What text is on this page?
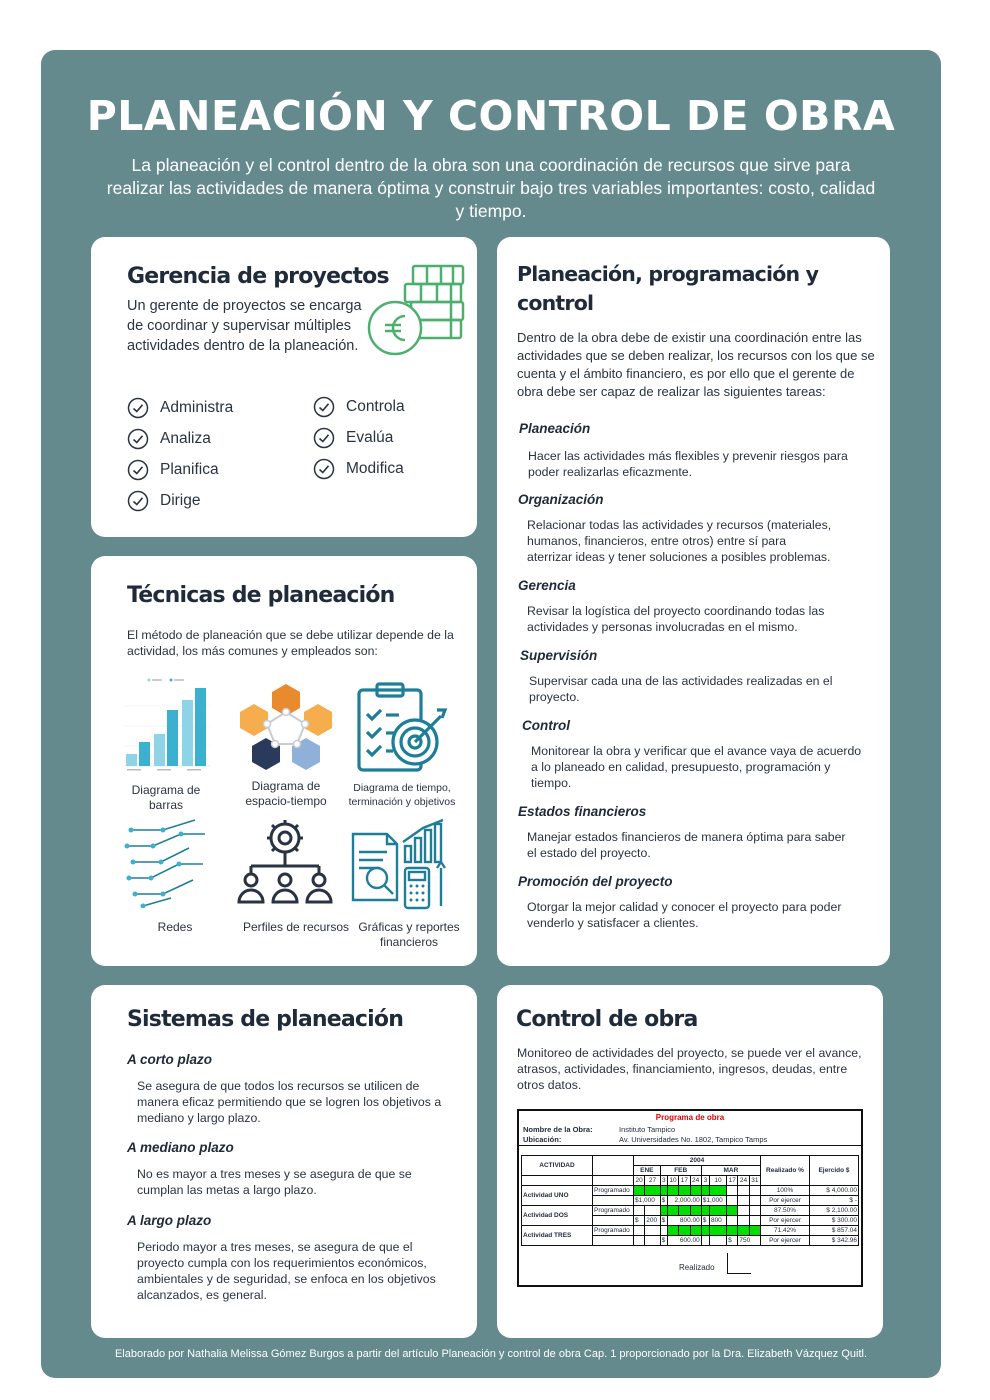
PLANEACIÓN Y CONTROL DE OBRA
La planeación y el control dentro de la obra son una coordinación de recursos que sirve para realizar las actividades de manera óptima y construir bajo tres variables importantes: costo, calidad y tiempo.
Gerencia de proyectos
Un gerente de proyectos se encarga de coordinar y supervisar múltiples actividades dentro de la planeación.
Administra
Analiza
Planifica
Dirige
Controla
Evalúa
Modifica
Planeación, programación y
control
Dentro de la obra debe de existir una coordinación entre las actividades que se deben realizar, los recursos con los que se cuenta y el ámbito financiero, es por ello que el gerente de obra debe ser capaz de realizar las siguientes tareas:
Planeación
Hacer las actividades más flexibles y prevenir riesgos para poder realizarlas eficazmente.
Organización
Relacionar todas las actividades y recursos (materiales, humanos, financieros, entre otros) entre sí para aterrizar ideas y tener soluciones a posibles problemas.
Gerencia
Revisar la logística del proyecto coordinando todas las actividades y personas involucradas en el mismo.
Supervisión
Supervisar cada una de las actividades realizadas en el proyecto.
Control
Monitorear la obra y verificar que el avance vaya de acuerdo a lo planeado en calidad, presupuesto, programación y tiempo.
Estados financieros
Manejar estados financieros de manera óptima para saber el estado del proyecto.
Promoción del proyecto
Otorgar la mejor calidad y conocer el proyecto para poder venderlo y satisfacer a clientes.
Técnicas de planeación
El método de planeación que se debe utilizar depende de la actividad, los más comunes y empleados son:
Diagrama de barras
Diagrama de espacio-tiempo
Diagrama de tiempo, terminación y objetivos
Redes	Perfiles de recursos Gráficas y reportes financieros
Sistemas de planeación
A corto plazo
Se asegura de que todos los recursos se utilicen de manera eficaz permitiendo que se logren los objetivos a mediano y largo plazo.
A mediano plazo
No es mayor a tres meses y se asegura de que se cumplan las metas a largo plazo.
A largo plazo
Periodo mayor a tres meses, se asegura de que el proyecto cumpla con los requerimientos económicos, ambientales y de seguridad, se enfoca en los objetivos alcanzados, es general.
Control de obra
Monitoreo de actividades del proyecto, se puede ver el avance, atrasos, actividades, financiamiento, ingresos, deudas, entre otros datos.
Programa de obra
Nombre de la Obra:	Instituto Tampico
Ubicación:	Av. Universidades No. 1802, Tampico Tamps
ACTIVIDAD		2004											Realizado %	Ejercido $
		ENE		FEB				MAR						
		20	27	3	10	17	24	3	10	17	24	31		
Actividad UNO	Programado												100%	$ 4,000.00
		$1,000		$	2,000.00			$1,000					Por ejercer	$ -
Actividad DOS	Programado												87.50%	$ 2,100.00
		$	200	$	800.00			$	800				Por ejercer	$ 300.00
Actividad TRES	Programado												71.42%	$ 857.04
				$	600.00					$	750		Por ejercer	$ 342.96
Realizado
Elaborado por Nathalia Melissa Gómez Burgos a partir del artículo Planeación y control de obra Cap. 1 proporcionado por la Dra. Elizabeth Vázquez Quitl.
